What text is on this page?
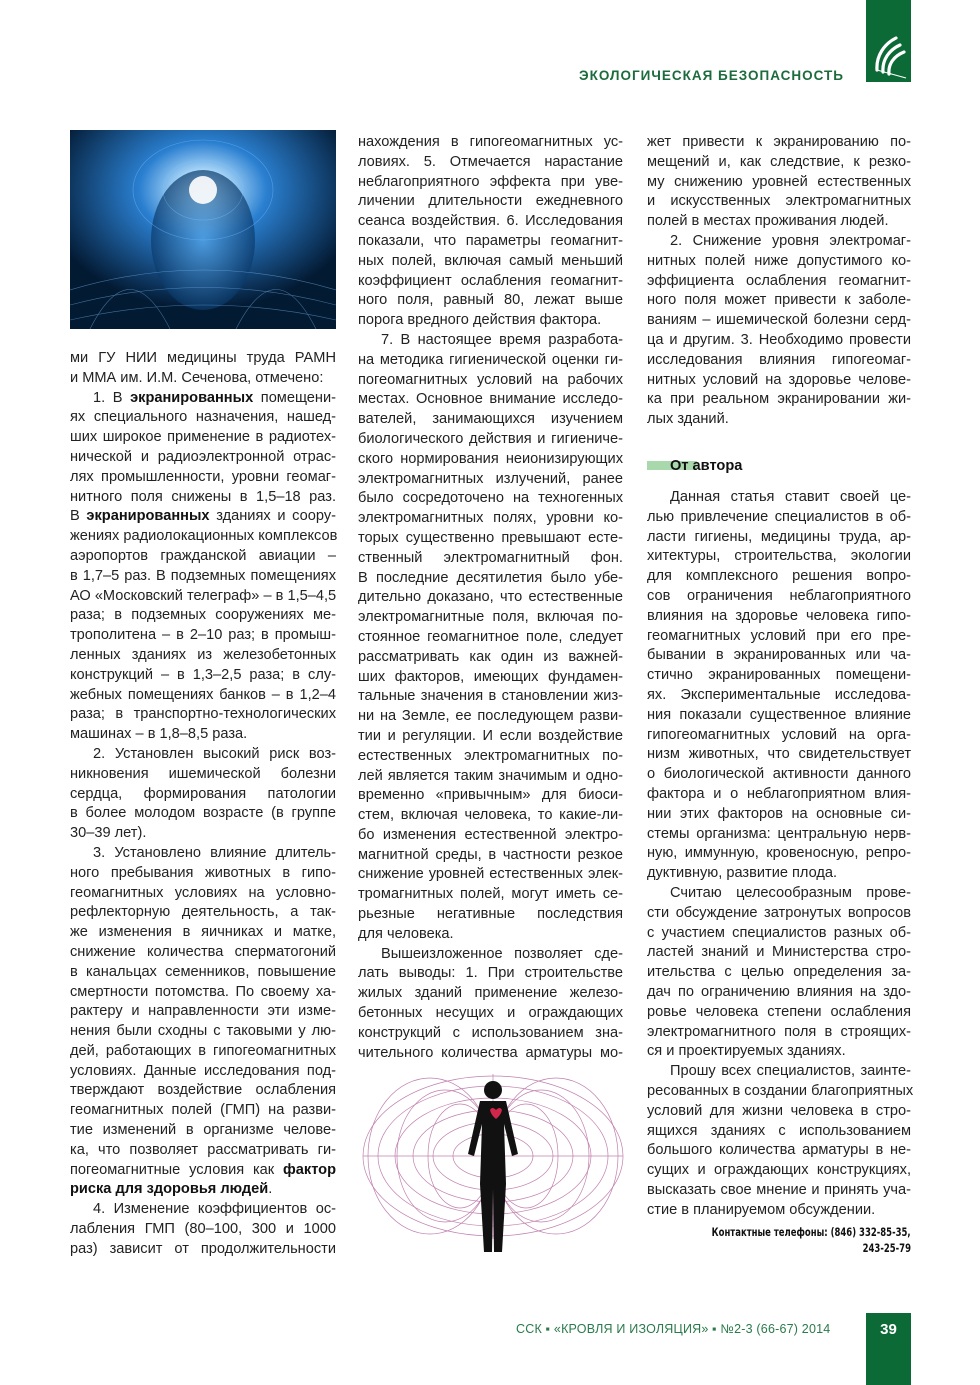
ЭКОЛОГИЧЕСКАЯ БЕЗОПАСНОСТЬ
ми ГУ НИИ медицины труда РАМН
и ММА им. И.М. Сеченова, отмечено:
1. В экранированных помещени-
ях специального назначения, нашед-
ших широкое применение в радиотех-
нической и радиоэлектронной отрас-
лях промышленности, уровни геомаг-
нитного поля снижены в 1,5–18 раз.
В экранированных зданиях и соору-
жениях радиолокационных комплексов
аэропортов гражданской авиации –
в 1,7–5 раз. В подземных помещениях
АО «Московский телеграф» – в 1,5–4,5
раза; в подземных сооружениях ме-
трополитена – в 2–10 раз; в промыш-
ленных зданиях из железобетонных
конструкций – в 1,3–2,5 раза; в слу-
жебных помещениях банков – в 1,2–4
раза; в транспортно-технологических
машинах – в 1,8–8,5 раза.
2. Установлен высокий риск воз-
никновения ишемической болезни
сердца, формирования патологии
в более молодом возрасте (в группе
30–39 лет).
3. Установлено влияние длитель-
ного пребывания животных в гипо-
геомагнитных условиях на условно-
рефлекторную деятельность, а так-
же изменения в яичниках и матке,
снижение количества сперматогоний
в канальцах семенников, повышение
смертности потомства. По своему ха-
рактеру и направленности эти изме-
нения были сходны с таковыми у лю-
дей, работающих в гипогеомагнитных
условиях. Данные исследования под-
тверждают воздействие ослабления
геомагнитных полей (ГМП) на разви-
тие изменений в организме челове-
ка, что позволяет рассматривать ги-
погеомагнитные условия как фактор
риска для здоровья людей.
4. Изменение коэффициентов ос-
лабления ГМП (80–100, 300 и 1000
раз) зависит от продолжительности
нахождения в гипогеомагнитных ус-
ловиях. 5. Отмечается нарастание
неблагоприятного эффекта при уве-
личении длительности ежедневного
сеанса воздействия. 6. Исследования
показали, что параметры геомагнит-
ных полей, включая самый меньший
коэффициент ослабления геомагнит-
ного поля, равный 80, лежат выше
порога вредного действия фактора.
7. В настоящее время разработа-
на методика гигиенической оценки ги-
погеомагнитных условий на рабочих
местах. Основное внимание исследо-
вателей, занимающихся изучением
биологического действия и гигиениче-
ского нормирования неионизирующих
электромагнитных излучений, ранее
было сосредоточено на техногенных
электромагнитных полях, уровни ко-
торых существенно превышают есте-
ственный электромагнитный фон.
В последние десятилетия было убе-
дительно доказано, что естественные
электромагнитные поля, включая по-
стоянное геомагнитное поле, следует
рассматривать как один из важней-
ших факторов, имеющих фундамен-
тальные значения в становлении жиз-
ни на Земле, ее последующем разви-
тии и регуляции. И если воздействие
естественных электромагнитных по-
лей является таким значимым и одно-
временно «привычным» для биоси-
стем, включая человека, то какие-ли-
бо изменения естественной электро-
магнитной среды, в частности резкое
снижение уровней естественных элек-
тромагнитных полей, могут иметь се-
рьезные негативные последствия
для человека.
Вышеизложенное позволяет сде-
лать выводы: 1. При строительстве
жилых зданий применение железо-
бетонных несущих и ограждающих
конструкций с использованием зна-
чительного количества арматуры мо-
жет привести к экранированию по-
мещений и, как следствие, к резко-
му снижению уровней естественных
и искусственных электромагнитных
полей в местах проживания людей.
2. Снижение уровня электромаг-
нитных полей ниже допустимого ко-
эффициента ослабления геомагнит-
ного поля может привести к заболе-
ваниям – ишемической болезни серд-
ца и другим. 3. Необходимо провести
исследования влияния гипогеомаг-
нитных условий на здоровье челове-
ка при реальном экранировании жи-
лых зданий.
От автора
Данная статья ставит своей це-
лью привлечение специалистов в об-
ласти гигиены, медицины труда, ар-
хитектуры, строительства, экологии
для комплексного решения вопро-
сов ограничения неблагоприятного
влияния на здоровье человека гипо-
геомагнитных условий при его пре-
бывании в экранированных или ча-
стично экранированных помещени-
ях. Экспериментальные исследова-
ния показали существенное влияние
гипогеомагнитных условий на орга-
низм животных, что свидетельствует
о биологической активности данного
фактора и о неблагоприятном влия-
нии этих факторов на основные си-
стемы организма: центральную нерв-
ную, иммунную, кровеносную, репро-
дуктивную, развитие плода.
Считаю целесообразным прове-
сти обсуждение затронутых вопросов
с участием специалистов разных об-
ластей знаний и Министерства стро-
ительства с целью определения за-
дач по ограничению влияния на здо-
ровье человека степени ослабления
электромагнитного поля в строящих-
ся и проектируемых зданиях.
Прошу всех специалистов, заинте-
ресованных в создании благоприятных
условий для жизни человека в стро-
ящихся зданиях с использованием
большого количества арматуры в не-
сущих и ограждающих конструкциях,
высказать свое мнение и принять уча-
стие в планируемом обсуждении.
Контактные телефоны: (846) 332-85-35,
243-25-79
ССК ▪ «КРОВЛЯ И ИЗОЛЯЦИЯ» ▪ №2-3 (66-67) 2014	39
